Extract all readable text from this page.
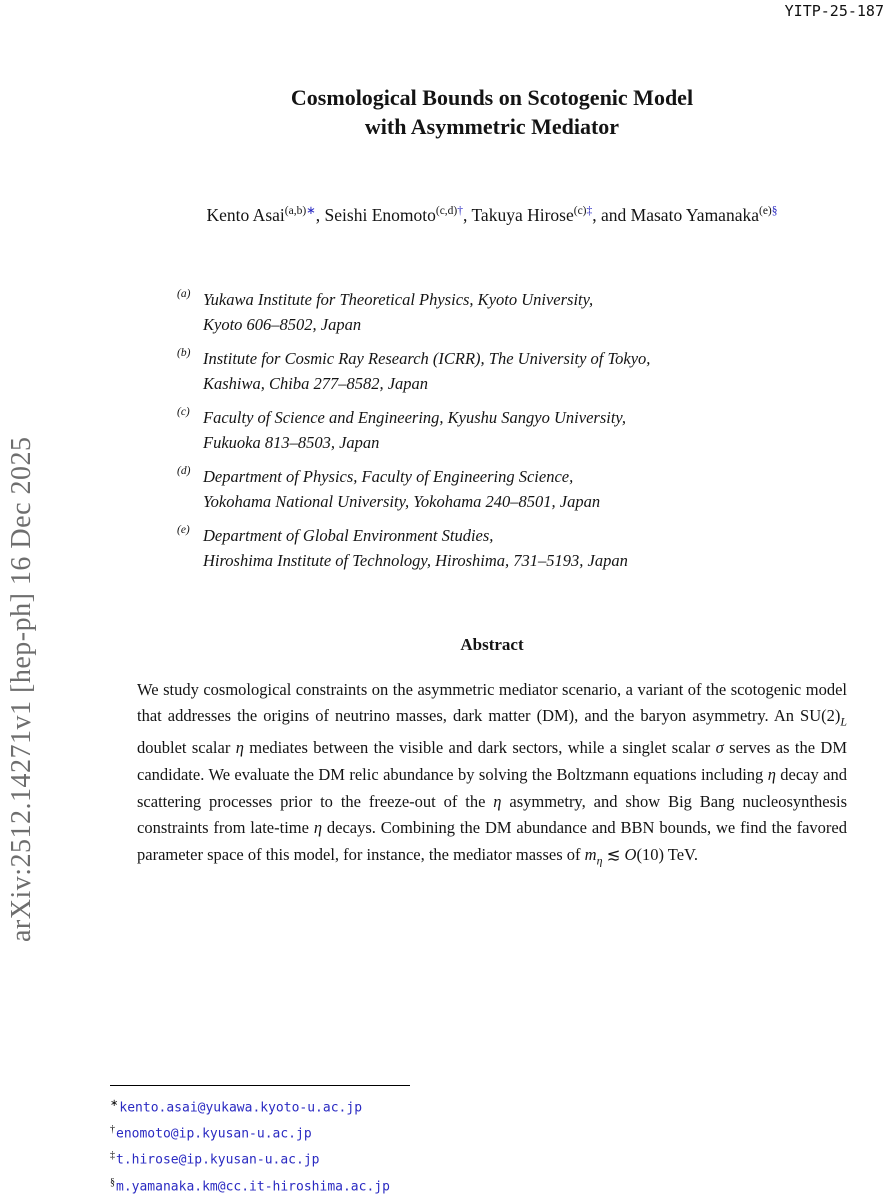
YITP-25-187
arXiv:2512.14271v1 [hep-ph] 16 Dec 2025
Cosmological Bounds on Scotogenic Model
with Asymmetric Mediator
Kento Asai$^{(a,b)∗}$, Seishi Enomoto$^{(c,d)\dagger}$, Takuya Hirose$^{(c)\ddagger}$, and Masato Yamanaka$^{(e)\S}$
(a) Yukawa Institute for Theoretical Physics, Kyoto University,
Kyoto 606–8502, Japan
(b) Institute for Cosmic Ray Research (ICRR), The University of Tokyo,
Kashiwa, Chiba 277–8582, Japan
(c) Faculty of Science and Engineering, Kyushu Sangyo University,
Fukuoka 813–8503, Japan
(d) Department of Physics, Faculty of Engineering Science,
Yokohama National University, Yokohama 240–8501, Japan
(e) Department of Global Environment Studies,
Hiroshima Institute of Technology, Hiroshima, 731–5193, Japan
Abstract

We study cosmological constraints on the asymmetric mediator scenario, a variant of the scotogenic model that addresses the origins of neutrino masses, dark matter (DM), and the baryon asymmetry. An $SU(2)_L$ doublet scalar η mediates between the visible and dark sectors, while a singlet scalar σ serves as the DM candidate. We evaluate the DM relic abundance by solving the Boltzmann equations including η decay and scattering processes prior to the freeze-out of the η asymmetry, and show Big Bang nucleosynthesis constraints from late-time η decays. Combining the DM abundance and BBN bounds, we find the favored parameter space of this model, for instance, the mediator masses of $m_\eta$ ≲ O(10) TeV.

∗kento.asai@yukawa.kyoto-u.ac.jp
†enomoto@ip.kyusan-u.ac.jp
‡t.hirose@ip.kyusan-u.ac.jp
§m.yamanaka.km@cc.it-hiroshima.ac.jp
